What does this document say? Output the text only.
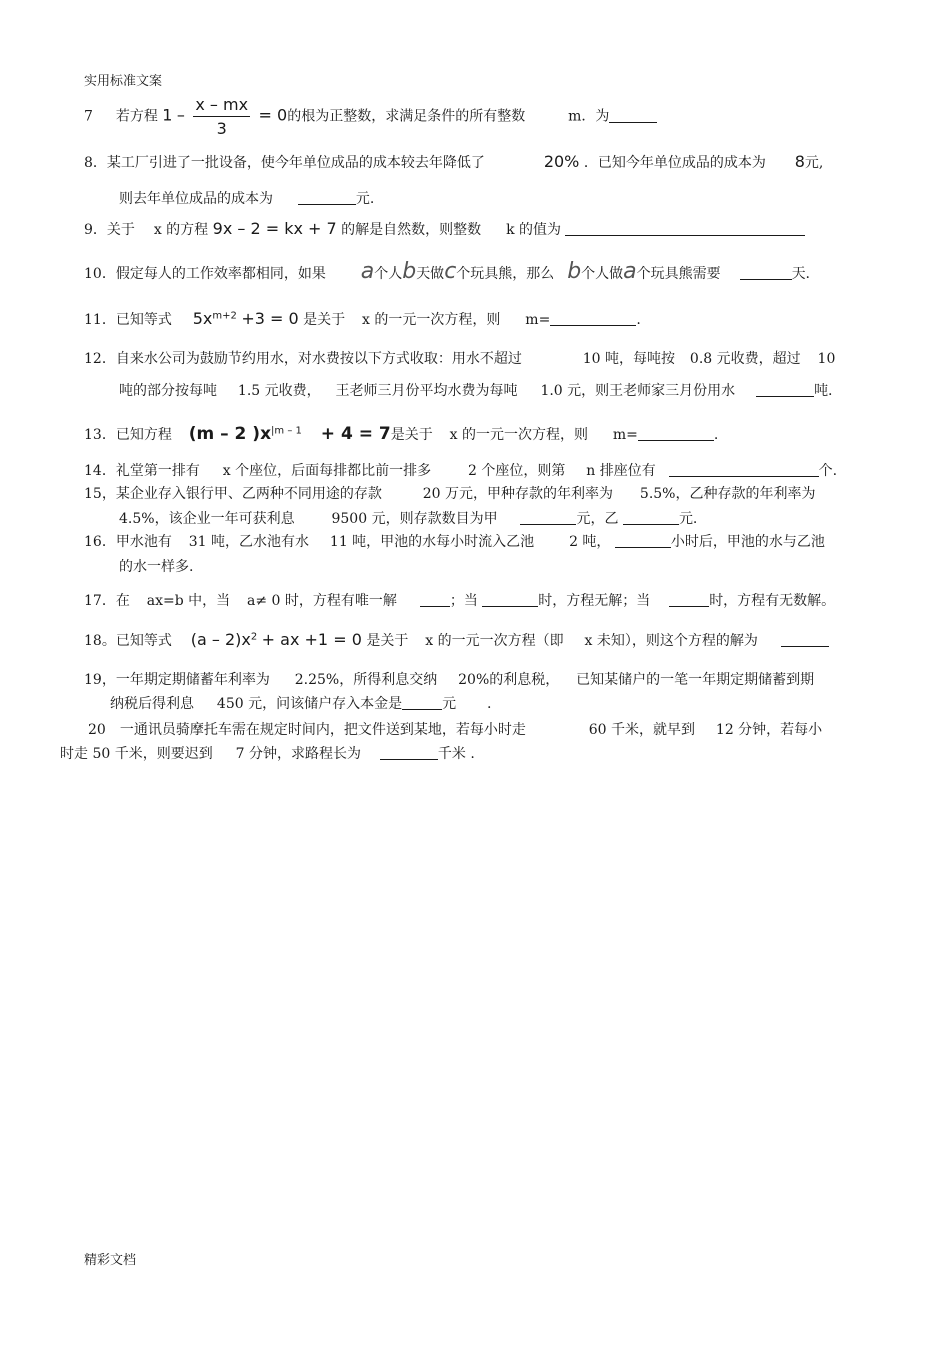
实用标准文案
7 若方程 $1 - \frac{x - mx}{3} = 0$的根为正整数，求满足条件的所有整数	m．为
8．某工厂引进了一批设备，使今年单位成品的成本较去年降低了	20% ．已知今年单位成品的成本为 8元,
则去年单位成品的成本为	元.
9．关于 x 的方程 9x – 2 = kx + 7 的解是自然数，则整数 k 的值为
10．假定每人的工作效率都相同，如果 a个人b天做c个玩具熊，那么 b个人做a个玩具熊需要	天.
11．已知等式 $5x^{m+2} +3 = 0$ 是关于 x 的一元一次方程，则 m=	.
12．自来水公司为鼓励节约用水，对水费按以下方式收取：用水不超过	10 吨，每吨按 0.8 元收费，超过 10
吨的部分按每吨 1.5 元收费， 王老师三月份平均水费为每吨 1.0 元，则王老师家三月份用水	吨.
13．已知方程 (m – 2 )$x^{|m - 1} + 4 = 7$是关于 x 的一元一次方程，则 m=	.
14．礼堂第一排有 x 个座位，后面每排都比前一排多	2 个座位，则第 n 排座位有	个.
15，某企业存入银行甲、乙两种不同用途的存款	20 万元，甲种存款的年利率为 5.5%，乙种存款的年利率为
4.5%，该企业一年可获利息	9500 元，则存款数目为甲	元，乙	元.
16．甲水池有 31 吨，乙水池有水 11 吨，甲池的水每小时流入乙池 2 吨，	小时后，甲池的水与乙池
的水一样多.
17．在 ax=b 中，当 a≠ 0 时，方程有唯一解	；当	时，方程无解；当	时，方程有无数解。
18。已知等式 $(a - 2)x^2$ + ax +1 = 0 是关于 x 的一元一次方程（即 x 未知），则这个方程的解为
19，一年期定期储蓄年利率为 2.25%，所得利息交纳 20%的利息税， 已知某储户的一笔一年期定期储蓄到期
纳税后得利息 450 元，问该储户存入本金是	元 .
20　一通讯员骑摩托车需在规定时间内，把文件送到某地，若每小时走	60 千米，就早到 12 分钟，若每小
时走 50 千米，则要迟到 7 分钟，求路程长为	千米 .
精彩文档
